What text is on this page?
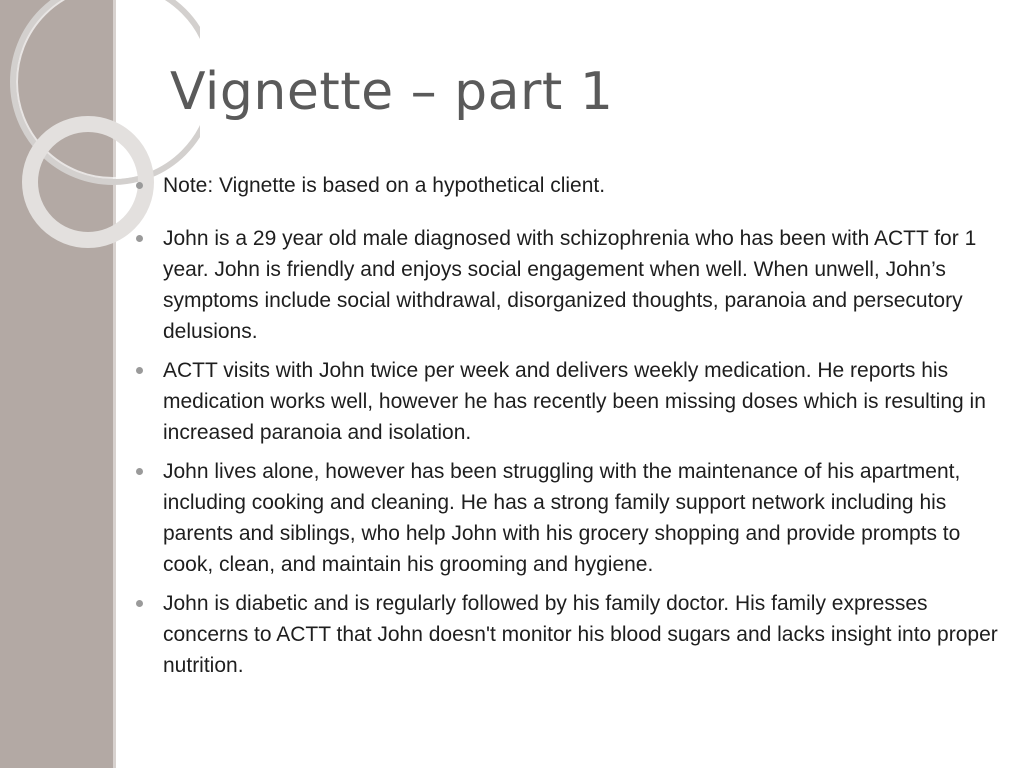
Vignette – part 1
Note: Vignette is based on a hypothetical client.
John is a 29 year old male diagnosed with schizophrenia who has been with ACTT for 1 year. John is friendly and enjoys social engagement when well. When unwell, John’s symptoms include social withdrawal, disorganized thoughts, paranoia and persecutory delusions.
ACTT visits with John twice per week and delivers weekly medication. He reports his medication works well, however he has recently been missing doses which is resulting in increased paranoia and isolation.
John lives alone, however has been struggling with the maintenance of his apartment, including cooking and cleaning. He has a strong family support network including his parents and siblings, who help John with his grocery shopping and provide prompts to cook, clean, and maintain his grooming and hygiene.
John is diabetic and is regularly followed by his family doctor. His family expresses concerns to ACTT that John doesn't monitor his blood sugars and lacks insight into proper nutrition.
